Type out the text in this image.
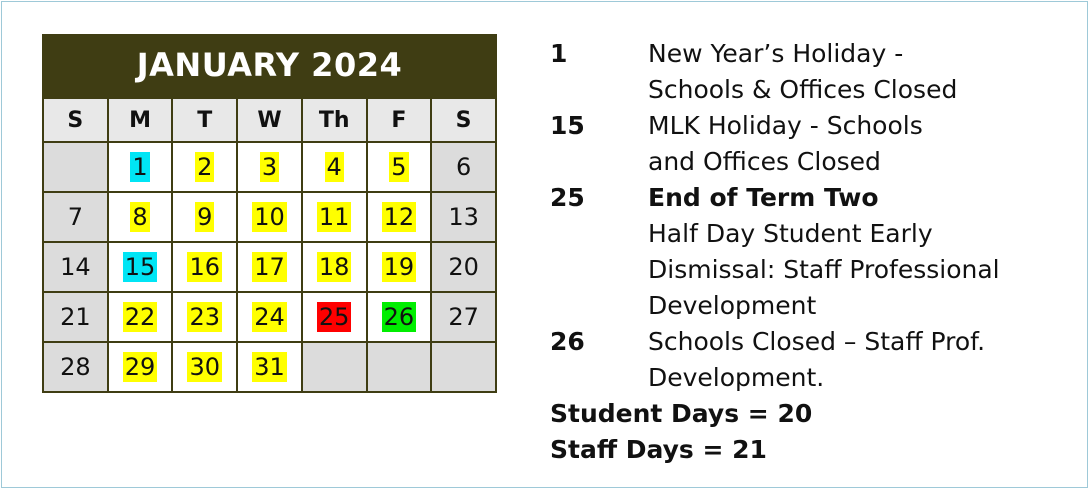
JANUARY 2024
S	M	T	W	Th	F	S
	1	2	3	4	5	6
7	8	9	10	11	12	13
14	15	16	17	18	19	20
21	22	23	24	25	26	27
28	29	30	31			
1	New Year’s Holiday -
Schools & Offices Closed
15	MLK Holiday - Schools
and Offices Closed
25	End of Term Two
Half Day Student Early
Dismissal: Staff Professional
Development
26	Schools Closed – Staff Prof.
Development.
Student Days = 20
Staff Days = 21
